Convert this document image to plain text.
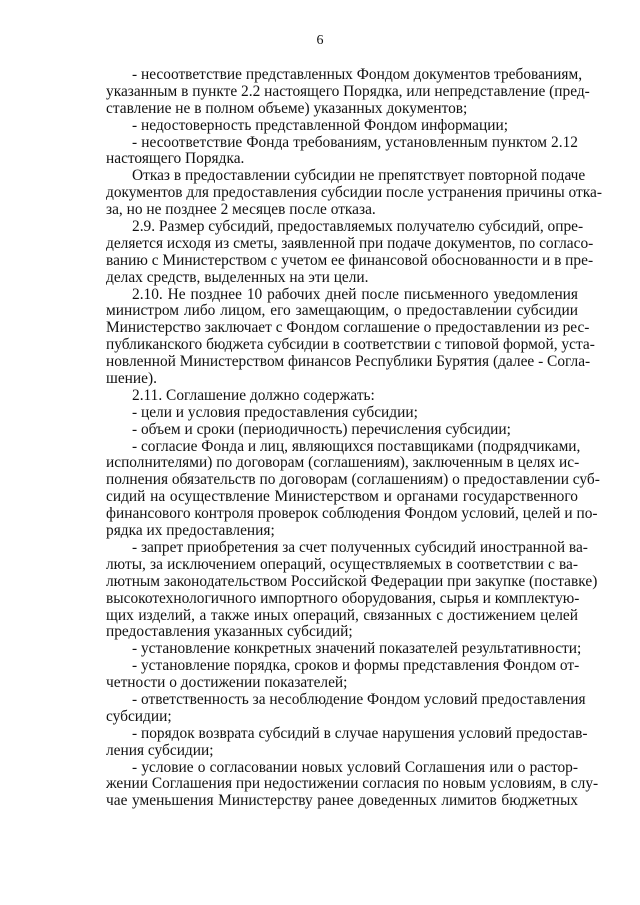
6
- несоответствие представленных Фондом документов требованиям,
указанным в пункте 2.2 настоящего Порядка, или непредставление (пред-
ставление не в полном объеме) указанных документов;
- недостоверность представленной Фондом информации;
- несоответствие Фонда требованиям, установленным пунктом 2.12
настоящего Порядка.
Отказ в предоставлении субсидии не препятствует повторной подаче
документов для предоставления субсидии после устранения причины отка-
за, но не позднее 2 месяцев после отказа.
2.9. Размер субсидий, предоставляемых получателю субсидий, опре-
деляется исходя из сметы, заявленной при подаче документов, по согласо-
ванию с Министерством с учетом ее финансовой обоснованности и в пре-
делах средств, выделенных на эти цели.
2.10. Не позднее 10 рабочих дней после письменного уведомления
министром либо лицом, его замещающим, о предоставлении субсидии
Министерство заключает с Фондом соглашение о предоставлении из рес-
публиканского бюджета субсидии в соответствии с типовой формой, уста-
новленной Министерством финансов Республики Бурятия (далее - Согла-
шение).
2.11. Соглашение должно содержать:
- цели и условия предоставления субсидии;
- объем и сроки (периодичность) перечисления субсидии;
- согласие Фонда и лиц, являющихся поставщиками (подрядчиками,
исполнителями) по договорам (соглашениям), заключенным в целях ис-
полнения обязательств по договорам (соглашениям) о предоставлении суб-
сидий на осуществление Министерством и органами государственного
финансового контроля проверок соблюдения Фондом условий, целей и по-
рядка их предоставления;
- запрет приобретения за счет полученных субсидий иностранной ва-
люты, за исключением операций, осуществляемых в соответствии с ва-
лютным законодательством Российской Федерации при закупке (поставке)
высокотехнологичного импортного оборудования, сырья и комплектую-
щих изделий, а также иных операций, связанных с достижением целей
предоставления указанных субсидий;
- установление конкретных значений показателей результативности;
- установление порядка, сроков и формы представления Фондом от-
четности о достижении показателей;
- ответственность за несоблюдение Фондом условий предоставления
субсидии;
- порядок возврата субсидий в случае нарушения условий предостав-
ления субсидии;
- условие о согласовании новых условий Соглашения или о растор-
жении Соглашения при недостижении согласия по новым условиям, в слу-
чае уменьшения Министерству ранее доведенных лимитов бюджетных
